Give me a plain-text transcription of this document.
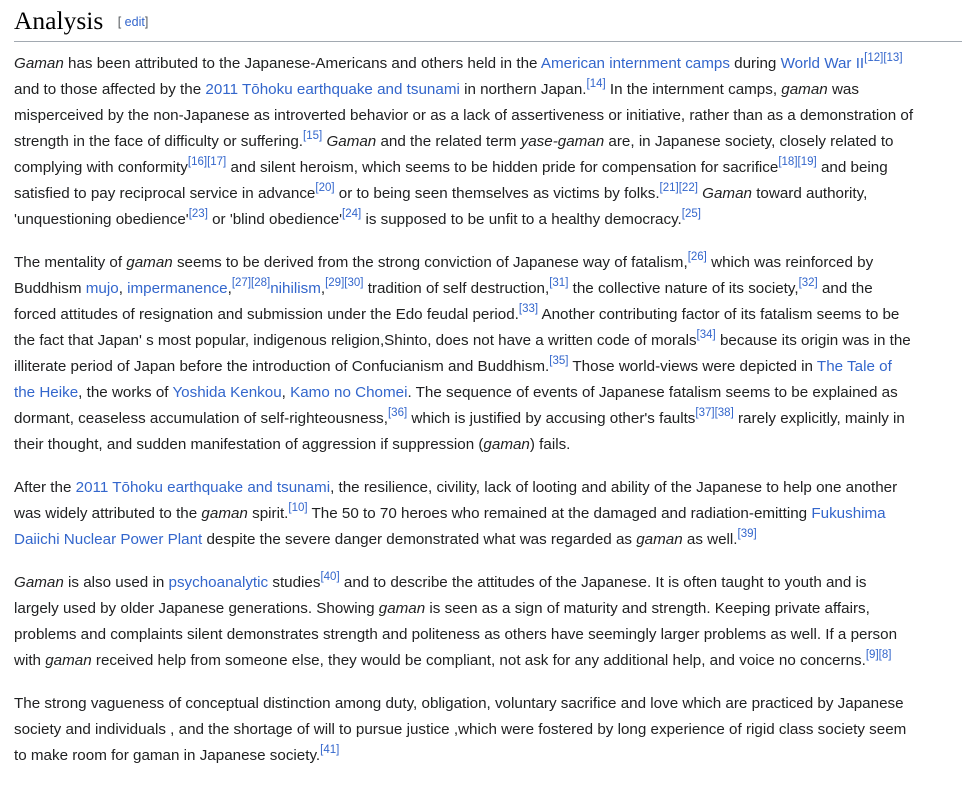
Analysis [ edit]

Gaman has been attributed to the Japanese-Americans and others held in the American internment camps during World War II[12][13]
and to those affected by the 2011 Tōhoku earthquake and tsunami in northern Japan.[14] In the internment camps, gaman was
misperceived by the non-Japanese as introverted behavior or as a lack of assertiveness or initiative, rather than as a demonstration of
strength in the face of difficulty or suffering.[15] Gaman and the related term yase-gaman are, in Japanese society, closely related to
complying with conformity[16][17] and silent heroism, which seems to be hidden pride for compensation for sacrifice[18][19] and being
satisfied to pay reciprocal service in advance[20] or to being seen themselves as victims by folks.[21][22] Gaman toward authority,
'unquestioning obedience'[23] or 'blind obedience'[24] is supposed to be unfit to a healthy democracy.[25]

The mentality of gaman seems to be derived from the strong conviction of Japanese way of fatalism,[26] which was reinforced by
Buddhism mujo, impermanence,[27][28]nihilism,[29][30] tradition of self destruction,[31] the collective nature of its society,[32] and the
forced attitudes of resignation and submission under the Edo feudal period.[33] Another contributing factor of its fatalism seems to be
the fact that Japan' s most popular, indigenous religion,Shinto, does not have a written code of morals[34] because its origin was in the
illiterate period of Japan before the introduction of Confucianism and Buddhism.[35] Those world-views were depicted in The Tale of
the Heike, the works of Yoshida Kenkou, Kamo no Chomei. The sequence of events of Japanese fatalism seems to be explained as
dormant, ceaseless accumulation of self-righteousness,[36] which is justified by accusing other's faults[37][38] rarely explicitly, mainly in
their thought, and sudden manifestation of aggression if suppression (gaman) fails.

After the 2011 Tōhoku earthquake and tsunami, the resilience, civility, lack of looting and ability of the Japanese to help one another
was widely attributed to the gaman spirit.[10] The 50 to 70 heroes who remained at the damaged and radiation-emitting Fukushima
Daiichi Nuclear Power Plant despite the severe danger demonstrated what was regarded as gaman as well.[39]

Gaman is also used in psychoanalytic studies[40] and to describe the attitudes of the Japanese. It is often taught to youth and is
largely used by older Japanese generations. Showing gaman is seen as a sign of maturity and strength. Keeping private affairs,
problems and complaints silent demonstrates strength and politeness as others have seemingly larger problems as well. If a person
with gaman received help from someone else, they would be compliant, not ask for any additional help, and voice no concerns.[9][8]

The strong vagueness of conceptual distinction among duty, obligation, voluntary sacrifice and love which are practiced by Japanese
society and individuals , and the shortage of will to pursue justice ,which were fostered by long experience of rigid class society seem
to make room for gaman in Japanese society.[41]
